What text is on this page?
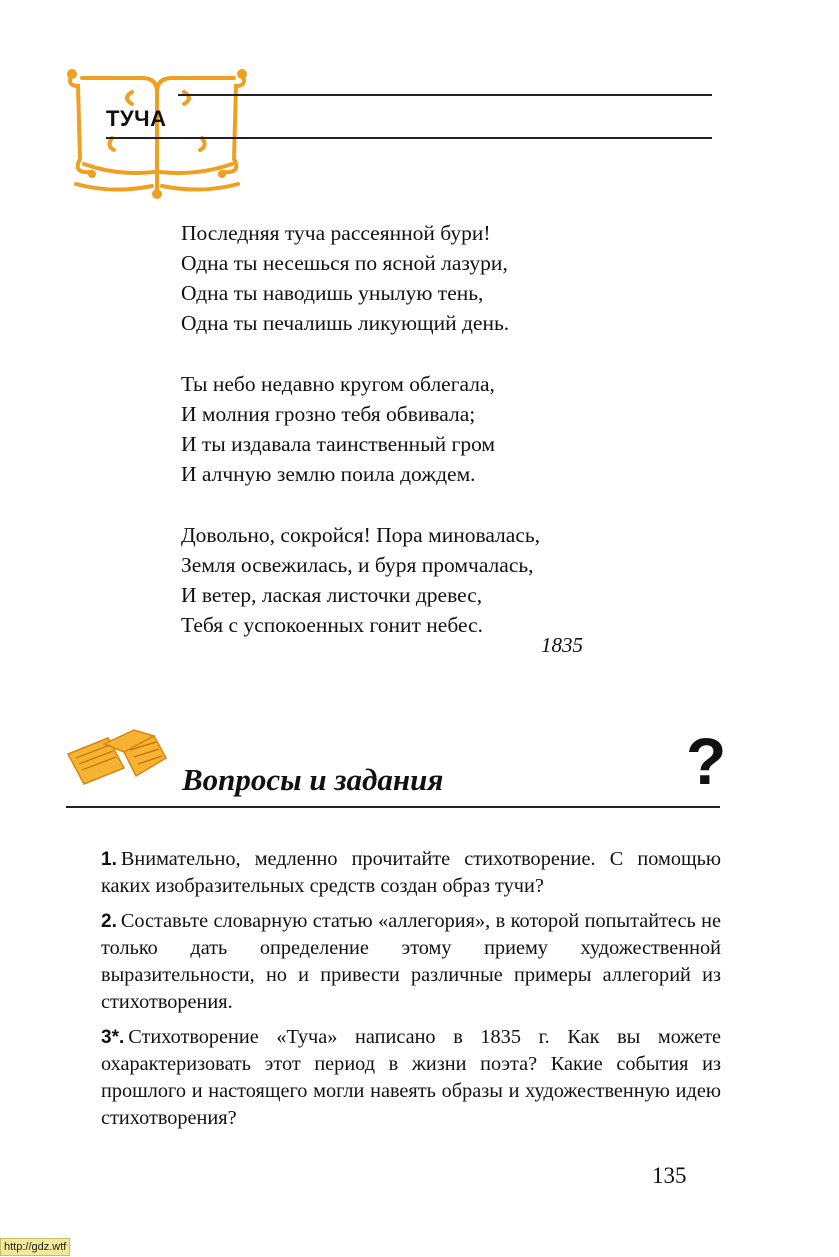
ТУЧА
Последняя туча рассеянной бури!
Одна ты несешься по ясной лазури,
Одна ты наводишь унылую тень,
Одна ты печалишь ликующий день.
Ты небо недавно кругом облегала,
И молния грозно тебя обвивала;
И ты издавала таинственный гром
И алчную землю поила дождем.
Довольно, сокройся! Пора миновалась,
Земля освежилась, и буря промчалась,
И ветер, лаская листочки древес,
Тебя с успокоенных гонит небес.
1835
Вопросы и задания	?

1. Внимательно, медленно прочитайте стихотворение. С помощью каких изобразительных средств создан образ тучи?

2. Составьте словарную статью «аллегория», в которой попытайтесь не только дать определение этому приему художественной выразительности, но и привести различные примеры аллегорий из стихотворения.

3*. Стихотворение «Туча» написано в 1835 г. Как вы можете охарактеризовать этот период в жизни поэта? Какие события из прошлого и настоящего могли навеять образы и художественную идею стихотворения?

135
http://gdz.wtf
